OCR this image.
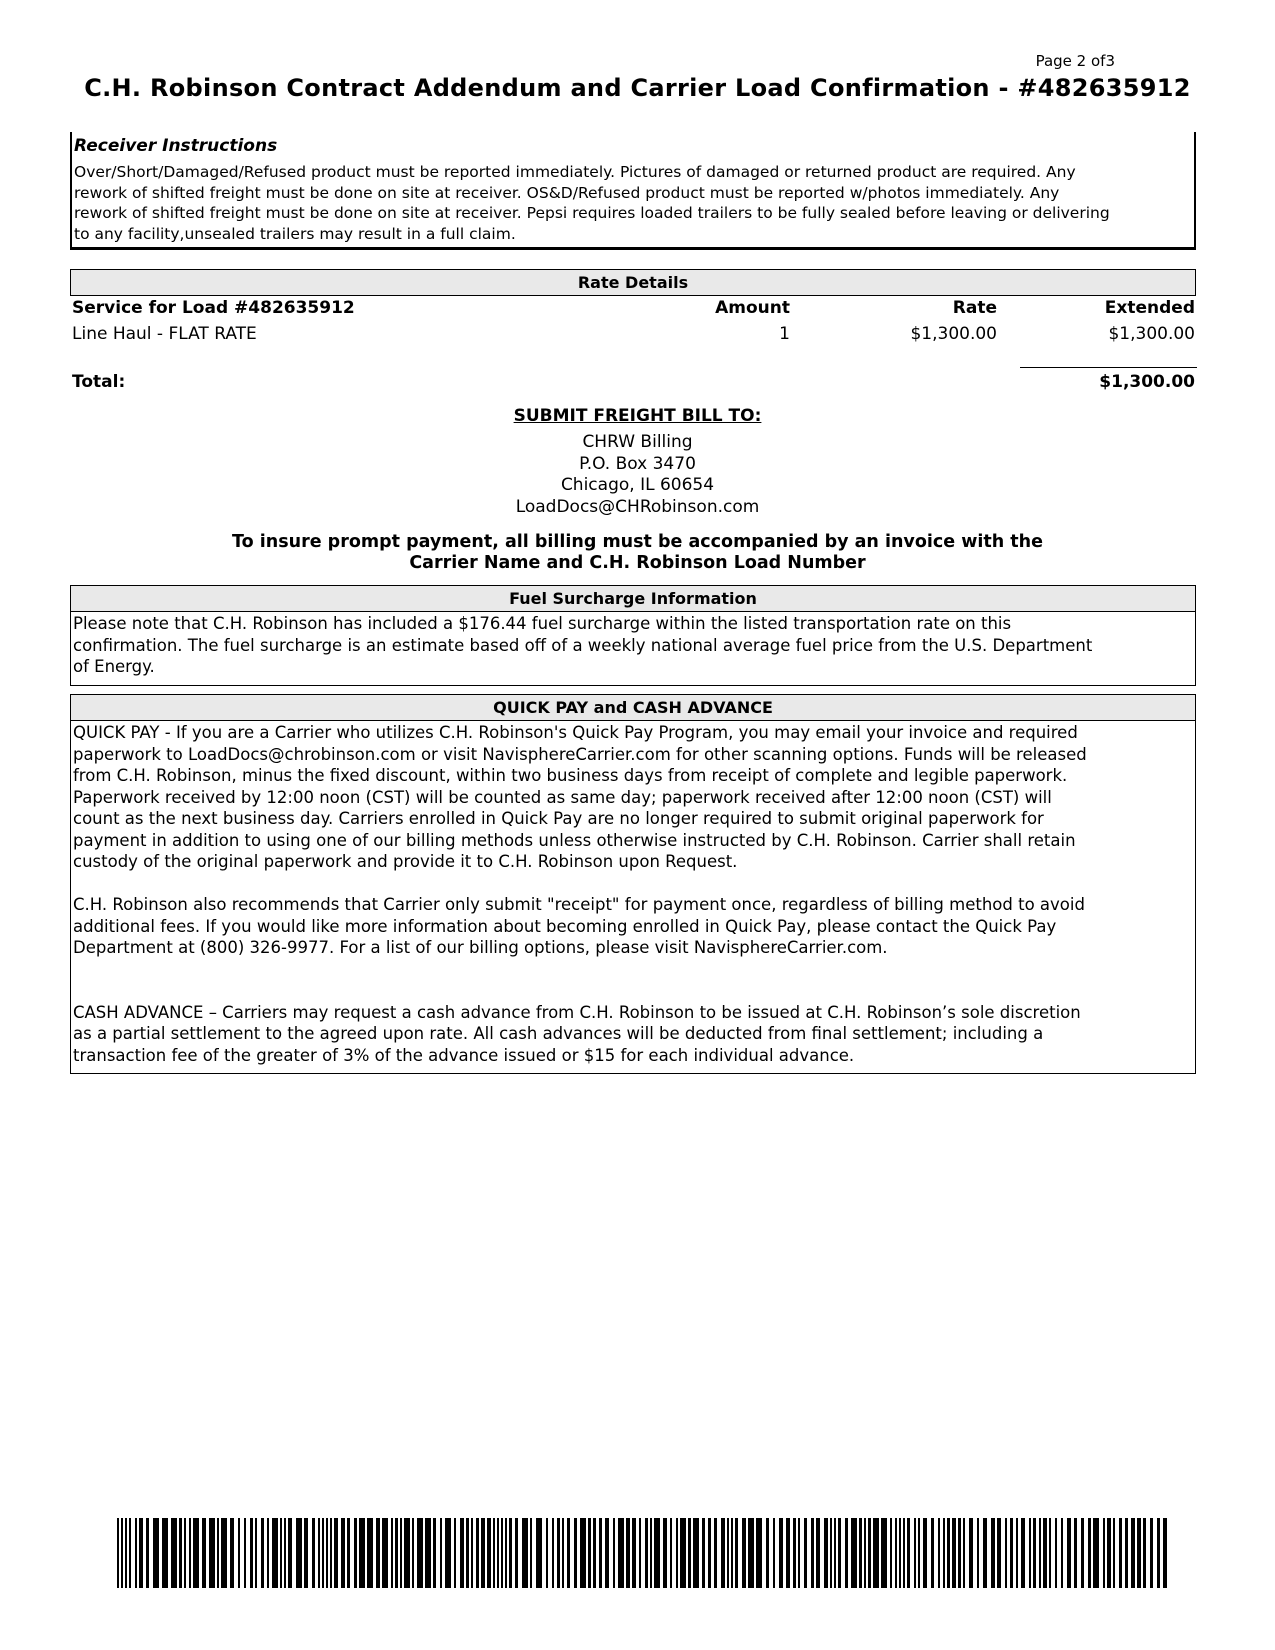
Page 2 of3
C.H. Robinson Contract Addendum and Carrier Load Confirmation - #482635912
Receiver Instructions
Over/Short/Damaged/Refused product must be reported immediately. Pictures of damaged or returned product are required. Any
rework of shifted freight must be done on site at receiver. OS&D/Refused product must be reported w/photos immediately. Any
rework of shifted freight must be done on site at receiver. Pepsi requires loaded trailers to be fully sealed before leaving or delivering
to any facility,unsealed trailers may result in a full claim.
Rate Details
Service for Load #482635912	Amount	Rate	Extended
Line Haul - FLAT RATE	1	$1,300.00	$1,300.00
Total:	$1,300.00
SUBMIT FREIGHT BILL TO:
CHRW Billing
P.O. Box 3470
Chicago, IL 60654
LoadDocs@CHRobinson.com
To insure prompt payment, all billing must be accompanied by an invoice with the
Carrier Name and C.H. Robinson Load Number
Fuel Surcharge Information
Please note that C.H. Robinson has included a $176.44 fuel surcharge within the listed transportation rate on this
confirmation. The fuel surcharge is an estimate based off of a weekly national average fuel price from the U.S. Department
of Energy.
QUICK PAY and CASH ADVANCE
QUICK PAY - If you are a Carrier who utilizes C.H. Robinson's Quick Pay Program, you may email your invoice and required
paperwork to LoadDocs@chrobinson.com or visit NavisphereCarrier.com for other scanning options. Funds will be released
from C.H. Robinson, minus the fixed discount, within two business days from receipt of complete and legible paperwork.
Paperwork received by 12:00 noon (CST) will be counted as same day; paperwork received after 12:00 noon (CST) will
count as the next business day. Carriers enrolled in Quick Pay are no longer required to submit original paperwork for
payment in addition to using one of our billing methods unless otherwise instructed by C.H. Robinson. Carrier shall retain
custody of the original paperwork and provide it to C.H. Robinson upon Request.
C.H. Robinson also recommends that Carrier only submit "receipt" for payment once, regardless of billing method to avoid
additional fees. If you would like more information about becoming enrolled in Quick Pay, please contact the Quick Pay
Department at (800) 326-9977. For a list of our billing options, please visit NavisphereCarrier.com.
CASH ADVANCE – Carriers may request a cash advance from C.H. Robinson to be issued at C.H. Robinson’s sole discretion
as a partial settlement to the agreed upon rate. All cash advances will be deducted from final settlement; including a
transaction fee of the greater of 3% of the advance issued or $15 for each individual advance.
